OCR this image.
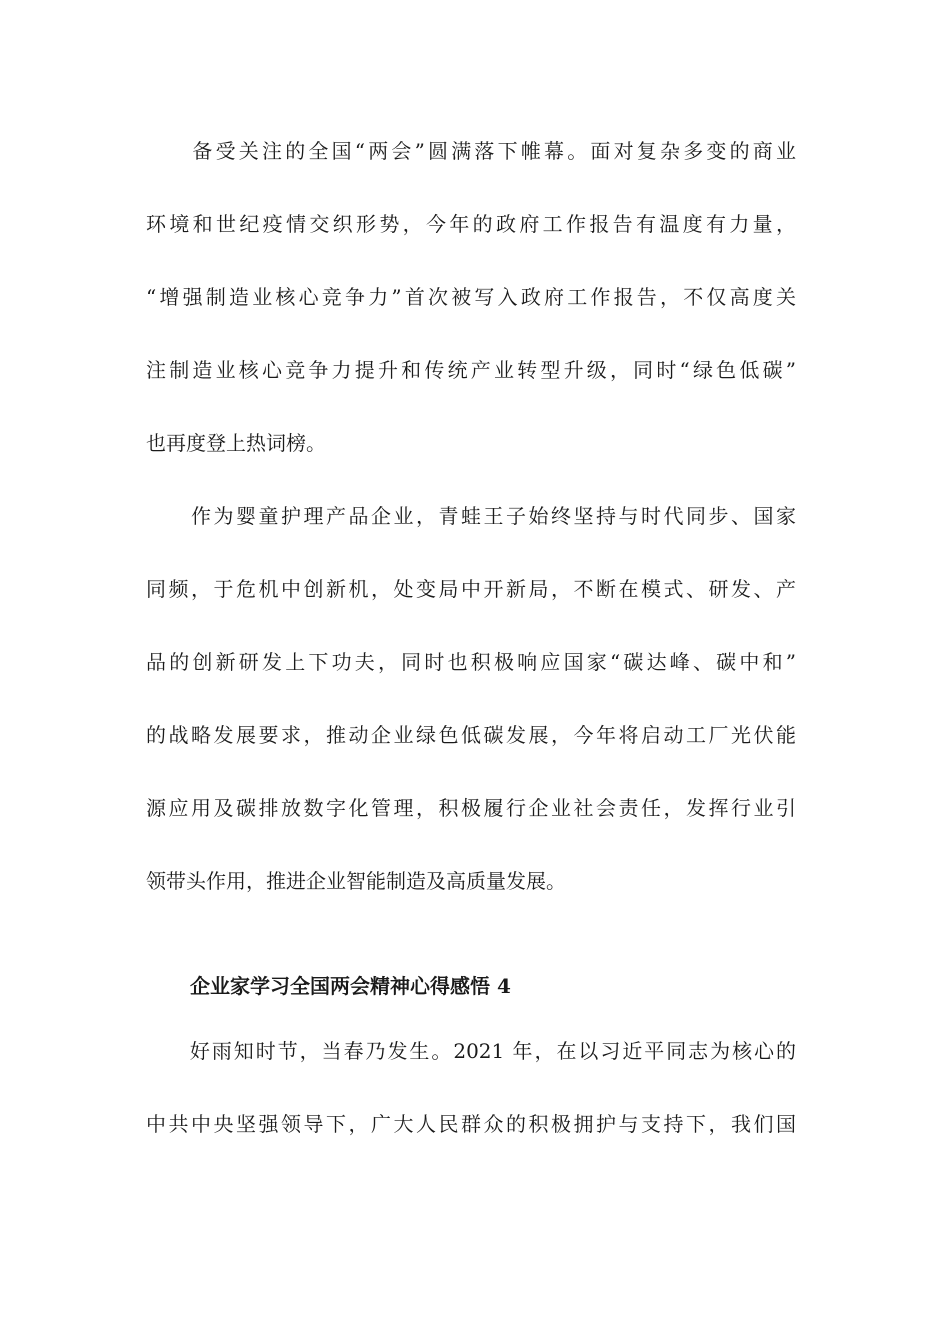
　　备受关注的全国“两会”圆满落下帷幕。面对复杂多变的商业
环境和世纪疫情交织形势，今年的政府工作报告有温度有力量，
“增强制造业核心竞争力”首次被写入政府工作报告，不仅高度关
注制造业核心竞争力提升和传统产业转型升级，同时“绿色低碳”
也再度登上热词榜。
　　作为婴童护理产品企业，青蛙王子始终坚持与时代同步、国家
同频，于危机中创新机，处变局中开新局，不断在模式、研发、产
品的创新研发上下功夫，同时也积极响应国家“碳达峰、碳中和”
的战略发展要求，推动企业绿色低碳发展，今年将启动工厂光伏能
源应用及碳排放数字化管理，积极履行企业社会责任，发挥行业引
领带头作用，推进企业智能制造及高质量发展。
企业家学习全国两会精神心得感悟 4
　　好雨知时节，当春乃发生。2021 年，在以习近平同志为核心的
中共中央坚强领导下，广大人民群众的积极拥护与支持下，我们国
